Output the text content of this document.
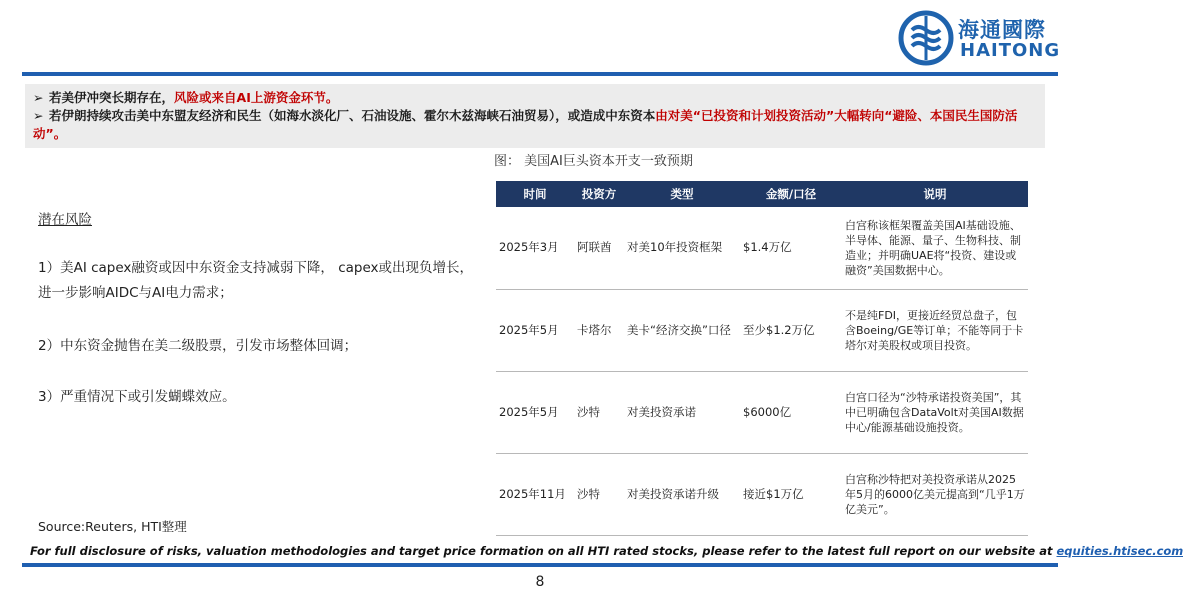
海通國際
HAITONG
➢ 若美伊冲突长期存在，风险或来自AI上游资金环节。
➢ 若伊朗持续攻击美中东盟友经济和民生（如海水淡化厂、石油设施、霍尔木兹海峡石油贸易），或造成中东资本由对美“已投资和计划投资活动”大幅转向“避险、本国民生国防活动”。
潜在风险
1）美AI capex融资或因中东资金支持减弱下降， capex或出现负增长，进一步影响AIDC与AI电力需求；
2）中东资金抛售在美二级股票，引发市场整体回调；
3）严重情况下或引发蝴蝶效应。
图： 美国AI巨头资本开支一致预期
时间	投资方	类型	金额/口径	说明
2025年3月	阿联酋	对美10年投资框架	$1.4万亿	白宫称该框架覆盖美国AI基础设施、半导体、能源、量子、生物科技、制造业；并明确UAE将“投资、建设或融资”美国数据中心。
2025年5月	卡塔尔	美卡“经济交换”口径	至少$1.2万亿	不是纯FDI，更接近经贸总盘子，包含Boeing/GE等订单；不能等同于卡塔尔对美股权或项目投资。
2025年5月	沙特	对美投资承诺	$6000亿	白宫口径为“沙特承诺投资美国”，其中已明确包含DataVolt对美国AI数据中心/能源基础设施投资。
2025年11月	沙特	对美投资承诺升级	接近$1万亿	白宫称沙特把对美投资承诺从2025年5月的6000亿美元提高到“几乎1万亿美元”。
Source:Reuters, HTI整理
For full disclosure of risks, valuation methodologies and target price formation on all HTI rated stocks, please refer to the latest full report on our website at equities.htisec.com
8
